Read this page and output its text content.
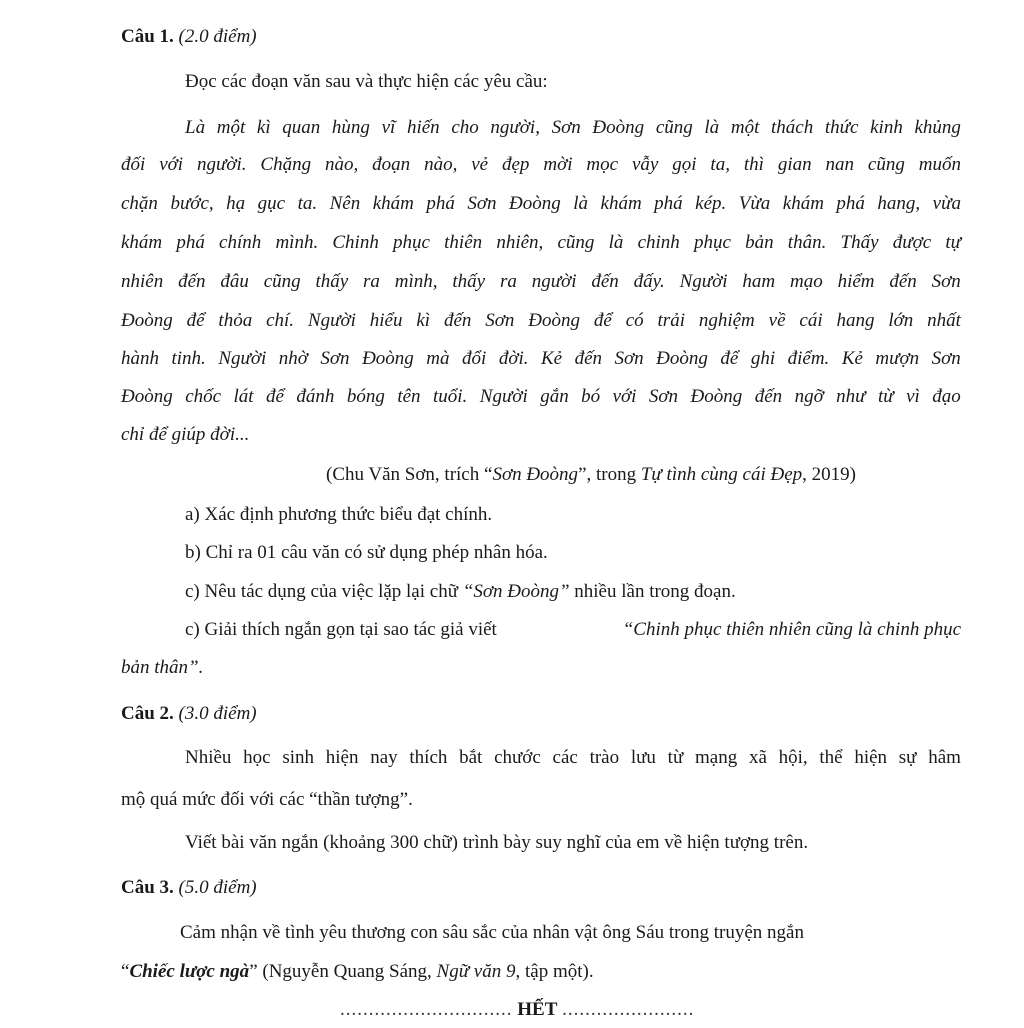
Câu 1. (2.0 điểm)
Đọc các đoạn văn sau và thực hiện các yêu cầu:
Là một kì quan hùng vĩ hiến cho người, Sơn Đoòng cũng là một thách thức kinh khủng
đối với người. Chặng nào, đoạn nào, vẻ đẹp mời mọc vẫy gọi ta, thì gian nan cũng muốn
chặn bước, hạ gục ta. Nên khám phá Sơn Đoòng là khám phá kép. Vừa khám phá hang, vừa
khám phá chính mình. Chinh phục thiên nhiên, cũng là chinh phục bản thân. Thấy được tự
nhiên đến đâu cũng thấy ra mình, thấy ra người đến đấy. Người ham mạo hiểm đến Sơn
Đoòng để thỏa chí. Người hiểu kì đến Sơn Đoòng để có trải nghiệm về cái hang lớn nhất
hành tinh. Người nhờ Sơn Đoòng mà đổi đời. Kẻ đến Sơn Đoòng để ghi điểm. Kẻ mượn Sơn
Đoòng chốc lát để đánh bóng tên tuổi. Người gắn bó với Sơn Đoòng đến ngỡ như từ vì đạo
chỉ để giúp đời...
(Chu Văn Sơn, trích “Sơn Đoòng”, trong Tự tình cùng cái Đẹp, 2019)
a) Xác định phương thức biểu đạt chính.
b) Chỉ ra 01 câu văn có sử dụng phép nhân hóa.
c) Nêu tác dụng của việc lặp lại chữ “Sơn Đoòng” nhiều lần trong đoạn.
c) Giải thích ngắn gọn tại sao tác giả viết	“Chinh phục thiên nhiên cũng là chinh phục
bản thân”.
Câu 2. (3.0 điểm)
Nhiều học sinh hiện nay thích bắt chước các trào lưu từ mạng xã hội, thể hiện sự hâm
mộ quá mức đối với các “thần tượng”.
Viết bài văn ngắn (khoảng 300 chữ) trình bày suy nghĩ của em về hiện tượng trên.
Câu 3. (5.0 điểm)
Cảm nhận về tình yêu thương con sâu sắc của nhân vật ông Sáu trong truyện ngắn
“Chiếc lược ngà” (Nguyễn Quang Sáng, Ngữ văn 9, tập một).
.............................. HẾT .......................
